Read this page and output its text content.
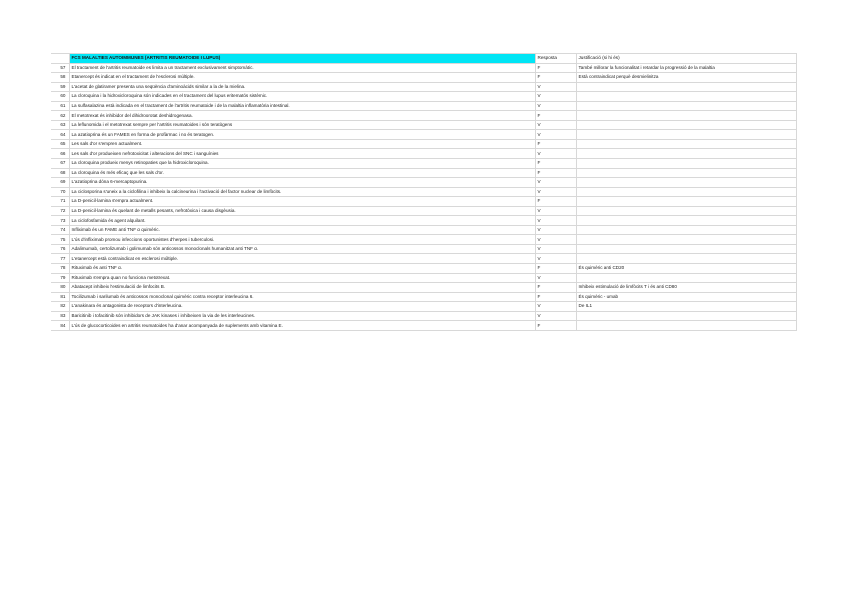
	FCS MALALTIES AUTOIMMUNES (ARTRITIS REUMATOIDE I LUPUS)	Resposta	Justificació (si hi és)
57	El tractament de l'artritis reumatoide es limita a un tractament exclusivament simptomàtic.	F	També millorar la funcionalitat i retardar la progressió de la malaltia
58	Etanercept és indicat en el tractament de l'esclerosi múltiple.	F	Està contraindicat perquè desmielinitza
59	L'acetat de glatiramer presenta una seqüència d'aminoàcids similar a la de la mielina.	V	
60	La cloroquina i la hidroxicloroquina són indicades en el tractament del lupus eritematós sistèmic.	V	
61	La sulfasalazina està indicada en el tractament de l'artritis reumatoide i de la malaltia inflamatòria intestinal.	V	
62	El metotrexat és inhibidor del dihidroorotat deshidrogenasa.	F	
63	La leflunomida i el metotrexat sempre per l'artritis reumatoides i són teratògens	V	
64	La azatioprina és un FAMES en forma de profàrmac i no és teratogen.	V	
65	Les sals d'or s'empren actualment.	F	
66	Les sals d'or produeixen nefrotoxicitat i alteracions del SNC i sanguínies	V	
67	La cloroquina produeix menys retinopaties que la hidroxicloroquina.	F	
68	La cloroquina és més eficaç que les sals d'or.	F	
69	L'azatioprina dóna 6-mercaptopurina.	V	
70	La ciclosporina s'uneix a la ciclofilina i inhibeix la calcineurina i l'activació del factor nuclear de limfòcits.	V	
71	La D-penicil·lamina s'empra actualment.	F	
72	La D-penicil·lamina és quelant de metalls pesants, nefrotòxica i causa disgèusia.	V	
73	La ciclofosfamida és agent alquilant.	V	
74	Infliximab és un FAME anti TNF α quimèric.	V	
75	L'ús d'infliximab promou infeccions oportunistes d'herpes i tuberculosi.	V	
76	Adalimumab, certolizumab i golimumab són anticossos monoclonals humanitzat anti TNF α.	V	
77	L'etanercept està contraindicat en esclerosi múltiple.	V	
78	Rituximab és anti TNF α.	F	És quimèric anti CD20
79	Rituximab s'empra quan no funciona metotrexat.	V	
80	Abatacept inhibeix l'estimulació de limfocits B.	F	Inhibeix estimulació de limfòcits T i és anti CD80
81	Tocilizumab i sarilumab és anticossos monoclonal quimèric contra receptor interleucina 6.	F	És quimèric - umab
82	L'anakinara és antagonista de receptors d'interleucina.	V	De IL1
83	Baricitinib i tofacitinib són inhibidors de JAK kinases i inhibeixen la via de les interleucines.	V	
84	L'ús de glucocorticoides en artritis reumatoides ha d'anar acompanyada de suplements amb vitamina E.	F	
